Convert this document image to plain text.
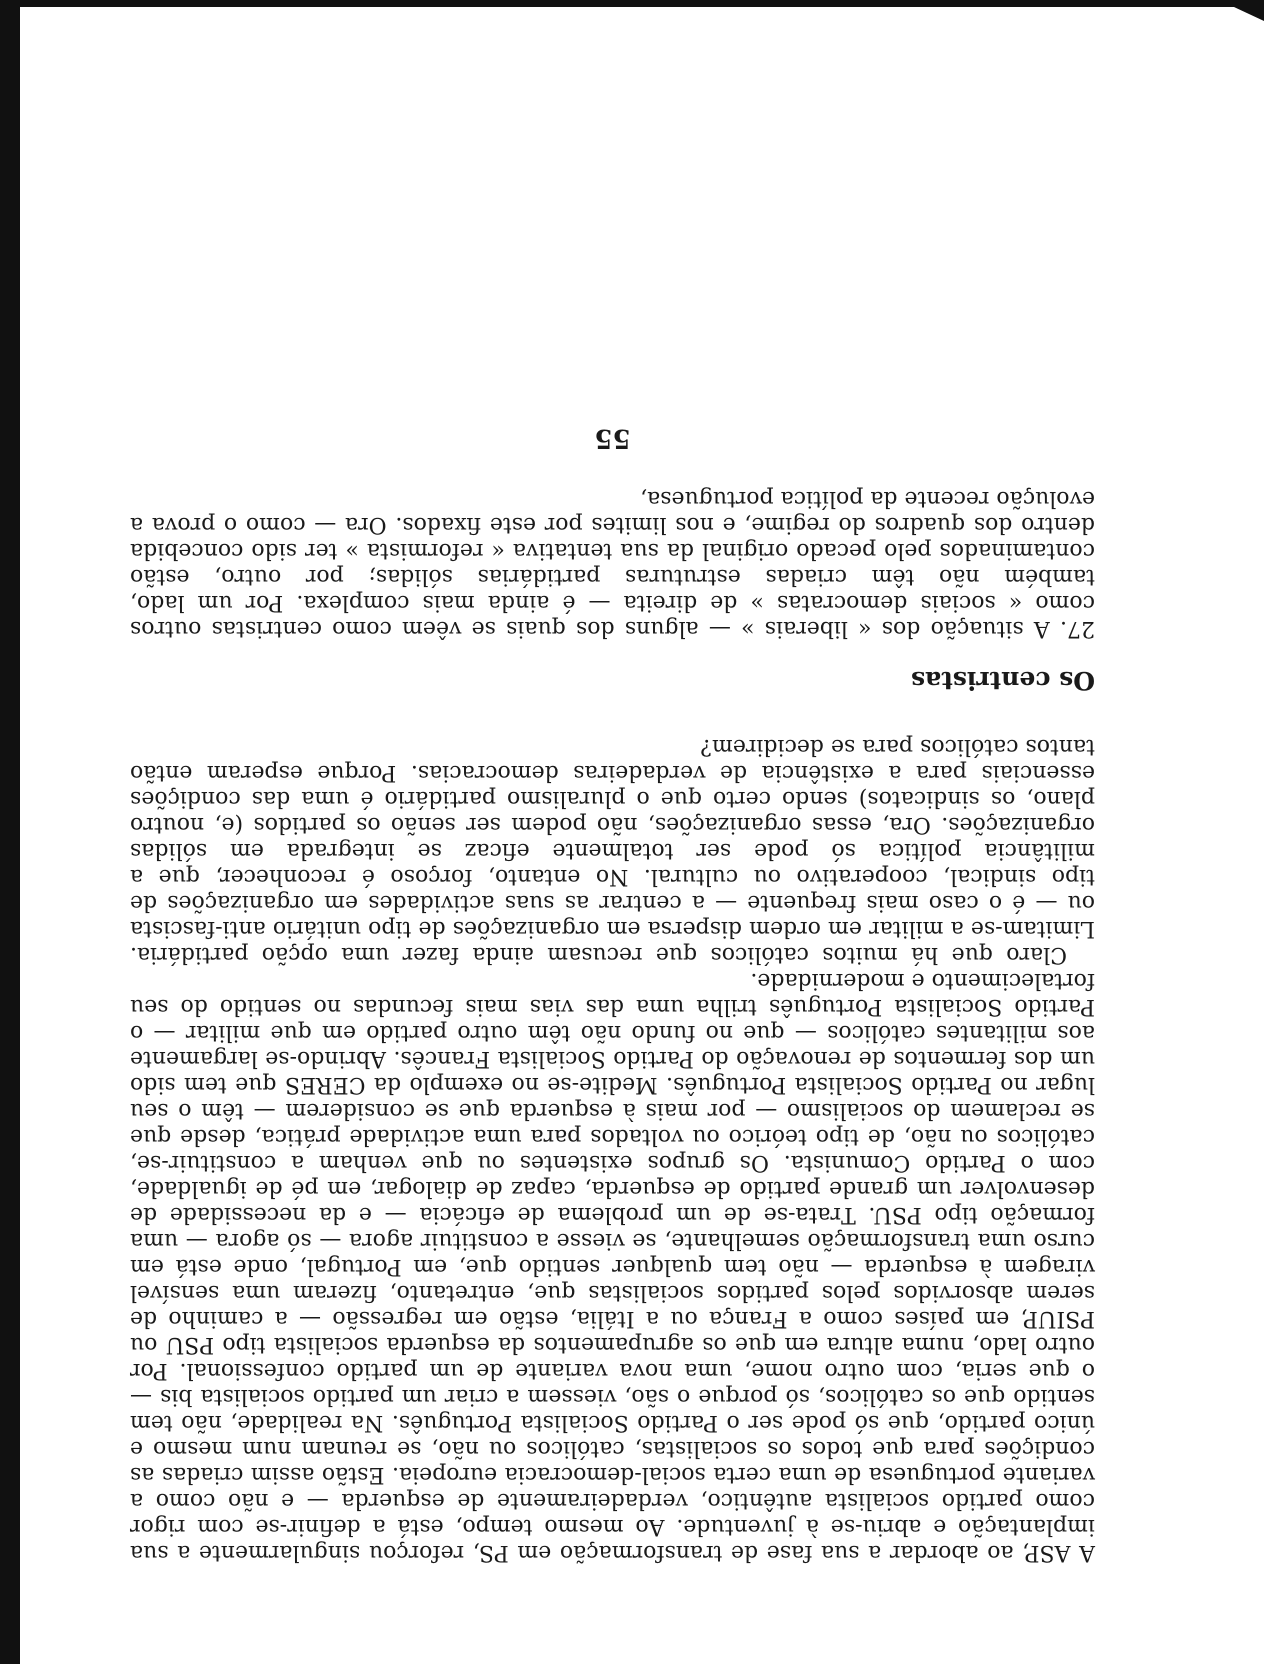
A ASP, ao abordar a sua fase de transformação em PS, reforçou singularmente a sua implantação e abriu-se à juventude. Ao mesmo tempo, está a definir-se com rigor como partido socialista autêntico, verdadeiramente de esquerda — e não como a variante portuguesa de uma certa social-democracia europeia. Estão assim criadas as condições para que todos os socialistas, católicos ou não, se reunam num mesmo e único partido, que só pode ser o Partido Socialista Português. Na realidade, não tem sentido que os católicos, só porque o são, viessem a criar um partido socialista bis — o que seria, com outro nome, uma nova variante de um partido confessional. Por outro lado, numa altura em que os agrupamentos da esquerda socialista tipo PSU ou PSIUP, em países como a França ou a Itália, estão em regressão — a caminho de serem absorvidos pelos partidos socialistas que, entretanto, fizeram uma sensível viragem à esquerda — não tem qualquer sentido que, em Portugal, onde está em curso uma transformação semelhante, se viesse a constituir agora — só agora — uma formação tipo PSU. Trata-se de um problema de eficácia — e da necessidade de desenvolver um grande partido de esquerda, capaz de dialogar, em pé de igualdade, com o Partido Comunista. Os grupos existentes ou que venham a constituir-se, católicos ou não, de tipo teórico ou voltados para uma actividade prática, desde que se reclamem do socialismo — por mais à esquerda que se considerem — têm o seu lugar no Partido Socialista Português. Medite-se no exemplo da CERES que tem sido um dos fermentos de renovação do Partido Socialista Francês. Abrindo-se largamente aos militantes católicos — que no fundo não têm outro partido em que militar — o Partido Socialista Português trilha uma das vias mais fecundas no sentido do seu fortalecimento e modernidade.

Claro que há muitos católicos que recusam ainda fazer uma opção partidária. Limitam-se a militar em ordem dispersa em organizações de tipo unitário anti-fascista ou — é o caso mais frequente — a centrar as suas actividades em organizações de tipo sindical, cooperativo ou cultural. No entanto, forçoso é reconhecer, que a militância política só pode ser totalmente eficaz se integrada em sólidas organizações. Ora, essas organizações, não podem ser senão os partidos (e, noutro plano, os sindicatos) sendo certo que o pluralismo partidário é uma das condições essenciais para a existência de verdadeiras democracias. Porque esperam então tantos católicos para se decidirem?

Os centristas

27. A situação dos « liberais » — alguns dos quais se vêem como centristas outros como « sociais democratas » de direita — é ainda mais complexa. Por um lado, também não têm criadas estruturas partidárias sólidas; por outro, estão contaminados pelo pecado original da sua tentativa « reformista » ter sido concebida dentro dos quadros do regime, e nos limites por este fixados. Ora — como o prova a evolução recente da política portuguesa,

55
